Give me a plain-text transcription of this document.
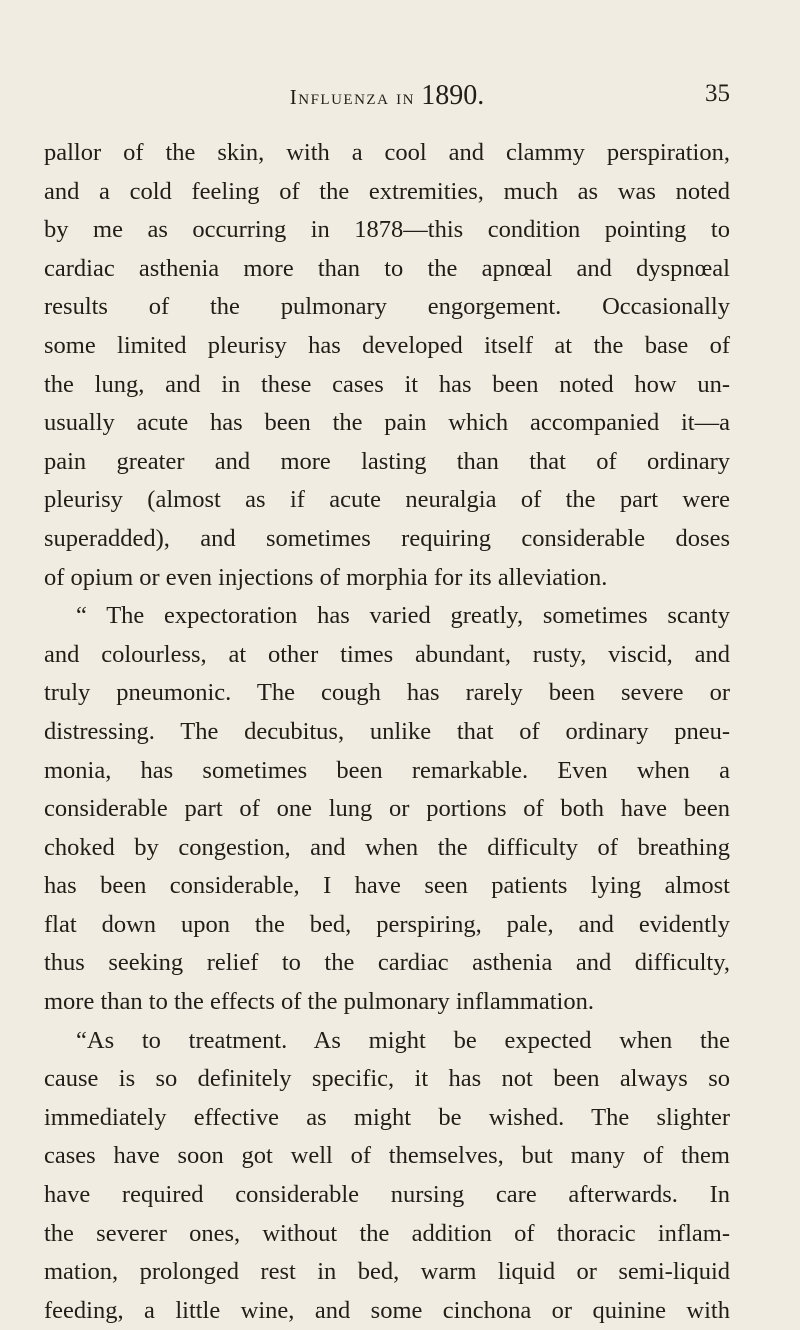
Influenza in 1890.	35
pallor of the skin, with a cool and clammy perspiration,
and a cold feeling of the extremities, much as was noted
by me as occurring in 1878—this condition pointing to
cardiac asthenia more than to the apnœal and dyspnœal
results of the pulmonary engorgement. Occasionally
some limited pleurisy has developed itself at the base of
the lung, and in these cases it has been noted how un-
usually acute has been the pain which accompanied it—a
pain greater and more lasting than that of ordinary
pleurisy (almost as if acute neuralgia of the part were
superadded), and sometimes requiring considerable doses
of opium or even injections of morphia for its alleviation.
“ The expectoration has varied greatly, sometimes scanty
and colourless, at other times abundant, rusty, viscid, and
truly pneumonic. The cough has rarely been severe or
distressing. The decubitus, unlike that of ordinary pneu-
monia, has sometimes been remarkable. Even when a
considerable part of one lung or portions of both have been
choked by congestion, and when the difficulty of breathing
has been considerable, I have seen patients lying almost
flat down upon the bed, perspiring, pale, and evidently
thus seeking relief to the cardiac asthenia and difficulty,
more than to the effects of the pulmonary inflammation.
“As to treatment. As might be expected when the
cause is so definitely specific, it has not been always so
immediately effective as might be wished. The slighter
cases have soon got well of themselves, but many of them
have required considerable nursing care afterwards. In
the severer ones, without the addition of thoracic inflam-
mation, prolonged rest in bed, warm liquid or semi-liquid
feeding, a little wine, and some cinchona or quinine with
